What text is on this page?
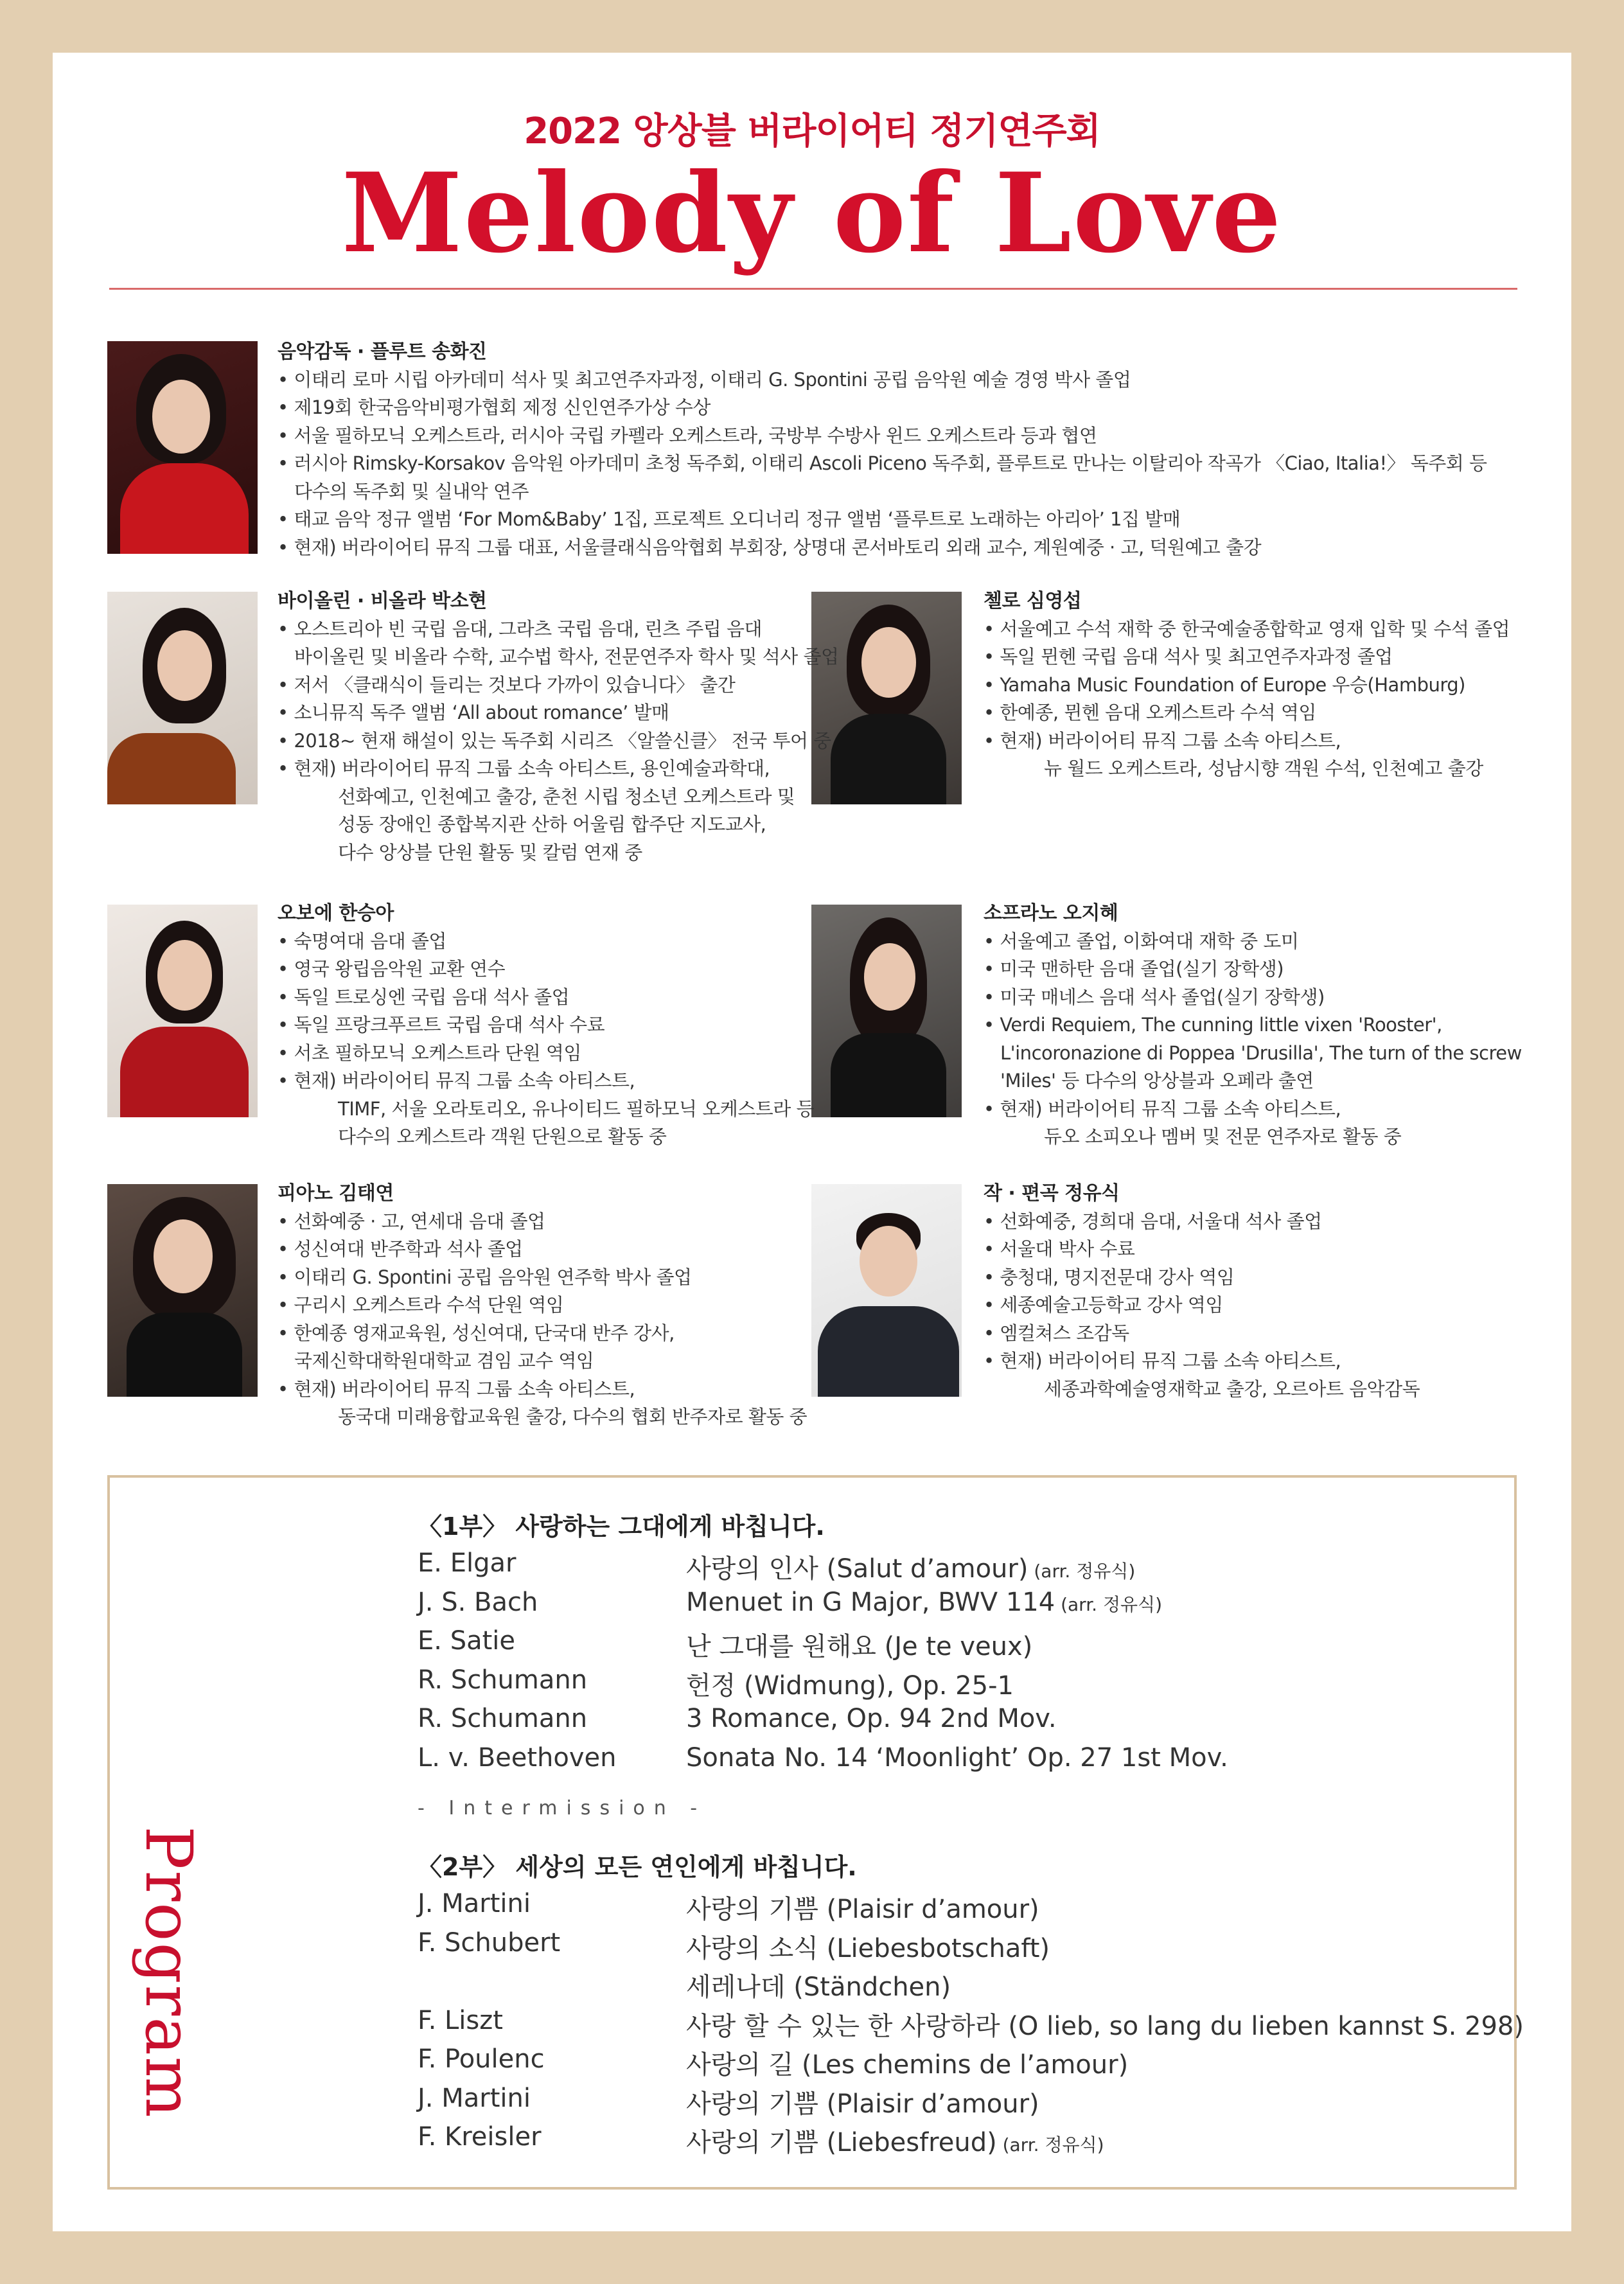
2022 앙상블 버라이어티 정기연주회
Melody of Love
음악감독 · 플루트 송화진
• 이태리 로마 시립 아카데미 석사 및 최고연주자과정, 이태리 G. Spontini 공립 음악원 예술 경영 박사 졸업
• 제19회 한국음악비평가협회 제정 신인연주가상 수상
• 서울 필하모닉 오케스트라, 러시아 국립 카펠라 오케스트라, 국방부 수방사 윈드 오케스트라 등과 협연
• 러시아 Rimsky-Korsakov 음악원 아카데미 초청 독주회, 이태리 Ascoli Piceno 독주회, 플루트로 만나는 이탈리아 작곡가 〈Ciao, Italia!〉 독주회 등
다수의 독주회 및 실내악 연주
• 태교 음악 정규 앨범 ‘For Mom&Baby’ 1집, 프로젝트 오디너리 정규 앨범 ‘플루트로 노래하는 아리아’ 1집 발매
• 현재) 버라이어티 뮤직 그룹 대표, 서울클래식음악협회 부회장, 상명대 콘서바토리 외래 교수, 계원예중 · 고, 덕원예고 출강
바이올린 · 비올라 박소현
• 오스트리아 빈 국립 음대, 그라츠 국립 음대, 린츠 주립 음대
바이올린 및 비올라 수학, 교수법 학사, 전문연주자 학사 및 석사 졸업
• 저서 〈클래식이 들리는 것보다 가까이 있습니다〉 출간
• 소니뮤직 독주 앨범 ‘All about romance’ 발매
• 2018~ 현재 해설이 있는 독주회 시리즈 〈알쓸신클〉 전국 투어 중
• 현재) 버라이어티 뮤직 그룹 소속 아티스트, 용인예술과학대,
선화예고, 인천예고 출강, 춘천 시립 청소년 오케스트라 및
성동 장애인 종합복지관 산하 어울림 합주단 지도교사,
다수 앙상블 단원 활동 및 칼럼 연재 중
첼로 심영섭
• 서울예고 수석 재학 중 한국예술종합학교 영재 입학 및 수석 졸업
• 독일 뮌헨 국립 음대 석사 및 최고연주자과정 졸업
• Yamaha Music Foundation of Europe 우승(Hamburg)
• 한예종, 뮌헨 음대 오케스트라 수석 역임
• 현재) 버라이어티 뮤직 그룹 소속 아티스트,
뉴 월드 오케스트라, 성남시향 객원 수석, 인천예고 출강
오보에 한승아
• 숙명여대 음대 졸업
• 영국 왕립음악원 교환 연수
• 독일 트로싱엔 국립 음대 석사 졸업
• 독일 프랑크푸르트 국립 음대 석사 수료
• 서초 필하모닉 오케스트라 단원 역임
• 현재) 버라이어티 뮤직 그룹 소속 아티스트,
TIMF, 서울 오라토리오, 유나이티드 필하모닉 오케스트라 등
다수의 오케스트라 객원 단원으로 활동 중
소프라노 오지혜
• 서울예고 졸업, 이화여대 재학 중 도미
• 미국 맨하탄 음대 졸업(실기 장학생)
• 미국 매네스 음대 석사 졸업(실기 장학생)
• Verdi Requiem, The cunning little vixen 'Rooster',
L'incoronazione di Poppea 'Drusilla', The turn of the screw
'Miles' 등 다수의 앙상블과 오페라 출연
• 현재) 버라이어티 뮤직 그룹 소속 아티스트,
듀오 소피오나 멤버 및 전문 연주자로 활동 중
피아노 김태연
• 선화예중 · 고, 연세대 음대 졸업
• 성신여대 반주학과 석사 졸업
• 이태리 G. Spontini 공립 음악원 연주학 박사 졸업
• 구리시 오케스트라 수석 단원 역임
• 한예종 영재교육원, 성신여대, 단국대 반주 강사,
국제신학대학원대학교 겸임 교수 역임
• 현재) 버라이어티 뮤직 그룹 소속 아티스트,
동국대 미래융합교육원 출강, 다수의 협회 반주자로 활동 중
작 · 편곡 정유식
• 선화예중, 경희대 음대, 서울대 석사 졸업
• 서울대 박사 수료
• 충청대, 명지전문대 강사 역임
• 세종예술고등학교 강사 역임
• 엠컬쳐스 조감독
• 현재) 버라이어티 뮤직 그룹 소속 아티스트,
세종과학예술영재학교 출강, 오르아트 음악감독
Program
〈1부〉 사랑하는 그대에게 바칩니다.
E. Elgar	사랑의 인사 (Salut d’amour) (arr. 정유식)
J. S. Bach	Menuet in G Major, BWV 114 (arr. 정유식)
E. Satie	난 그대를 원해요 (Je te veux)
R. Schumann	헌정 (Widmung), Op. 25-1
R. Schumann	3 Romance, Op. 94 2nd Mov.
L. v. Beethoven	Sonata No. 14 ‘Moonlight’ Op. 27 1st Mov.
- Intermission -
〈2부〉 세상의 모든 연인에게 바칩니다.
J. Martini	사랑의 기쁨 (Plaisir d’amour)
F. Schubert	사랑의 소식 (Liebesbotschaft)
세레나데 (Ständchen)
F. Liszt	사랑 할 수 있는 한 사랑하라 (O lieb, so lang du lieben kannst S. 298)
F. Poulenc	사랑의 길 (Les chemins de l’amour)
J. Martini	사랑의 기쁨 (Plaisir d’amour)
F. Kreisler	사랑의 기쁨 (Liebesfreud) (arr. 정유식)
